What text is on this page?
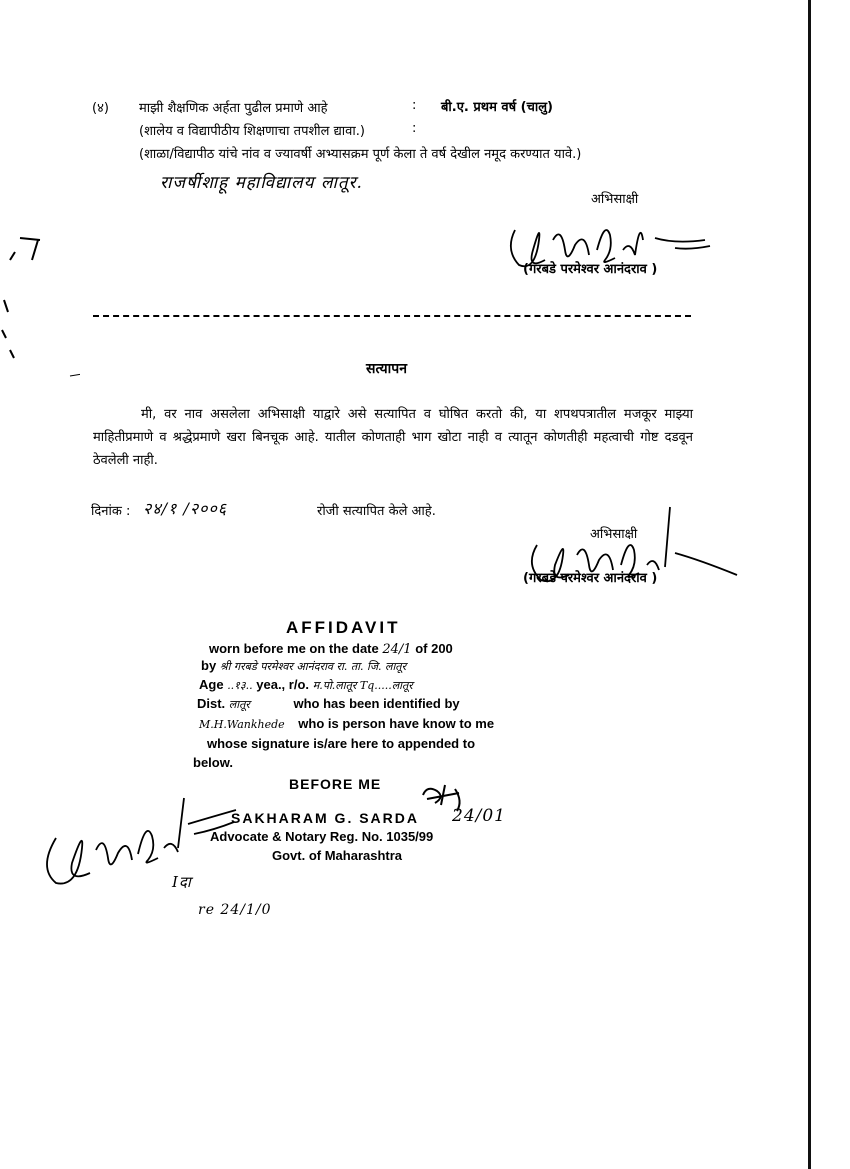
(४) माझी शैक्षणिक अर्हता पुढील प्रमाणे आहे	: बी.ए. प्रथम वर्ष (चालु)
(शालेय व विद्यापीठीय शिक्षणाचा तपशील द्यावा.)	:
(शाळा/विद्यापीठ यांचे नांव व ज्यावर्षी अभ्यासक्रम पूर्ण केला ते वर्ष देखील नमूद करण्यात यावे.)
राजर्षीशाहू महाविद्यालय लातूर.
अभिसाक्षी
(गरबडे परमेश्वर आनंदराव )
सत्यापन
मी, वर नाव असलेला अभिसाक्षी याद्वारे असे सत्यापित व घोषित करतो की, या शपथपत्रातील मजकूर माझ्या माहितीप्रमाणे व श्रद्धेप्रमाणे खरा बिनचूक आहे. यातील कोणताही भाग खोटा नाही व त्यातून कोणतीही महत्वाची गोष्ट दडवून ठेवलेली नाही.
दिनांक : २४/१ /२००६	रोजी सत्यापित केले आहे.
अभिसाक्षी
(गरबडे परमेश्वर आनंदराव )
AFFIDAVIT
worn before me on the date 24/1 of 200
by श्री गरबडे परमेश्वर आनंदराव रा. ता. जि. लातूर
Age ..१३.. yea., r/o. म.पो.लातूर Tq.....लातूर
Dist. लातूर	who has been identified by
M.H.Wankhede who is person have know to me
whose signature is/are here to appended to
below.
BEFORE ME
24/01
SAKHARAM G. SARDA
Advocate & Notary Reg. No. 1035/99
Govt. of Maharashtra
Iदा
re 24/1/0
